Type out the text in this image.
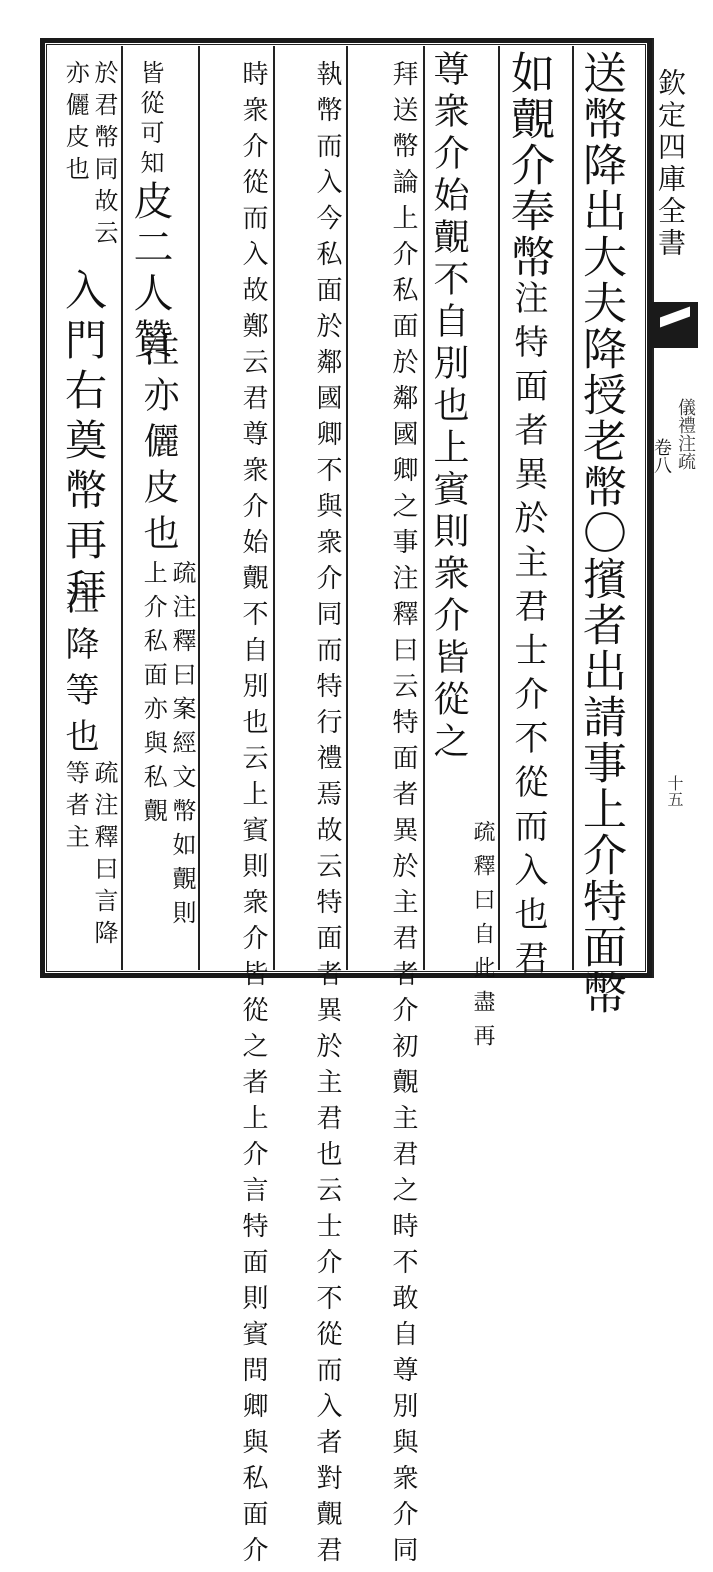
送幣降出大夫降授老幣〇擯者出請事上介特面幣
如覿介奉幣注特面者異於主君士介不從而入也君
尊衆介始覿不自別也上賓則衆介皆從之
疏釋曰自此盡再
拜送幣論上介私面於鄰國卿之事注釋曰云特面者異於主君者介初覿主君之時不敢自尊別與衆介同
執幣而入今私面於鄰國卿不與衆介同而特行禮焉故云特面者異於主君也云士介不從而入者對覿君
時衆介從而入故鄭云君尊衆介始覿不自別也云上賓則衆介皆從之者上介言特面則賓問卿與私面介
皆從可知皮二人贊
注亦儷皮也
疏注釋曰案經文幣如覿則上介私面亦與私覿
於君幣同故云亦儷皮也
入門右奠幣再拜
注降等也
疏注釋曰言降等者主
欽定四庫全書
儀禮注疏
卷八
十五
